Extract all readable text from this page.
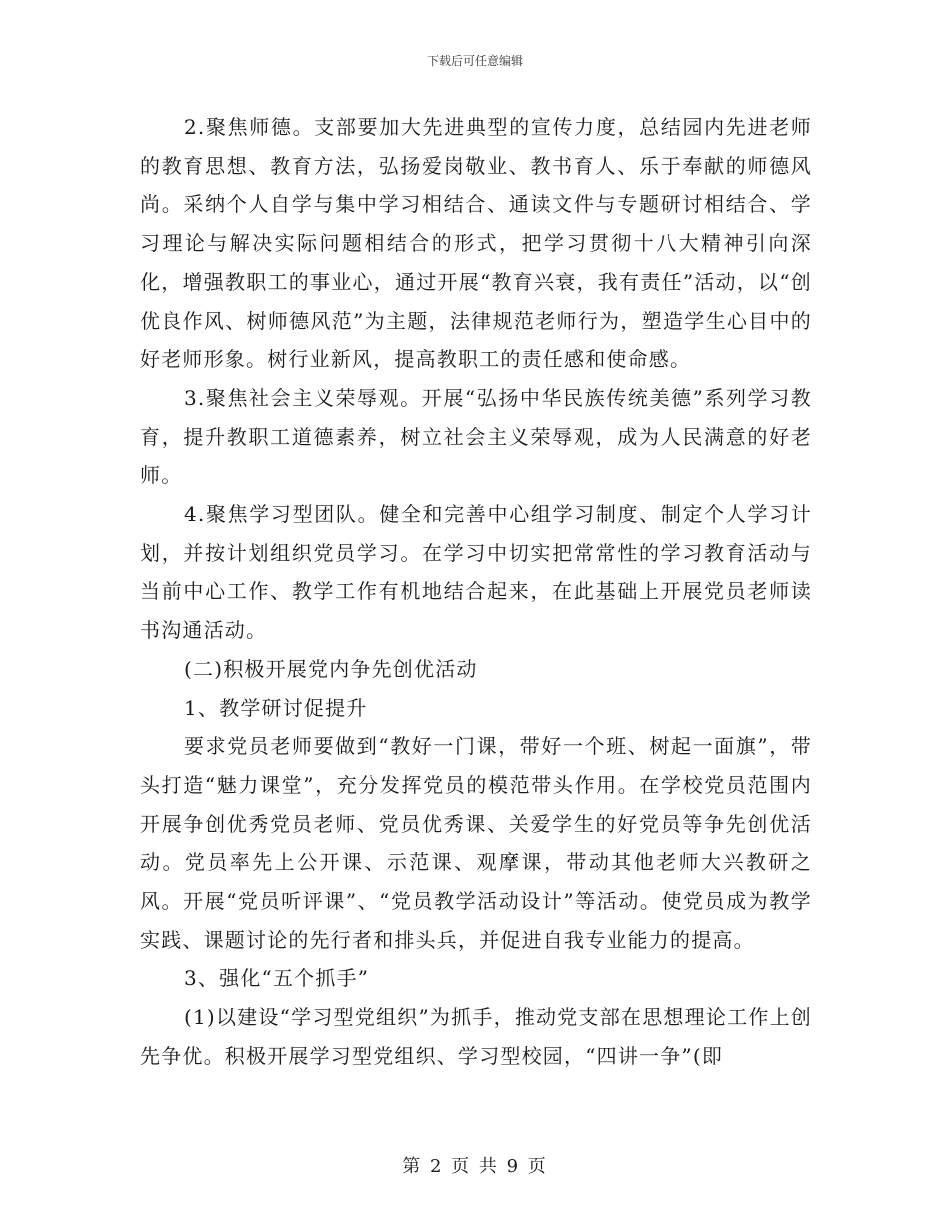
下载后可任意编辑

2.聚焦师德。支部要加大先进典型的宣传力度，总结园内先进老师的教育思想、教育方法，弘扬爱岗敬业、教书育人、乐于奉献的师德风尚。采纳个人自学与集中学习相结合、通读文件与专题研讨相结合、学习理论与解决实际问题相结合的形式，把学习贯彻十八大精神引向深化，增强教职工的事业心，通过开展“教育兴衰，我有责任”活动，以“创优良作风、树师德风范”为主题，法律规范老师行为，塑造学生心目中的好老师形象。树行业新风，提高教职工的责任感和使命感。

3.聚焦社会主义荣辱观。开展“弘扬中华民族传统美德”系列学习教育，提升教职工道德素养，树立社会主义荣辱观，成为人民满意的好老师。

4.聚焦学习型团队。健全和完善中心组学习制度、制定个人学习计划，并按计划组织党员学习。在学习中切实把常常性的学习教育活动与当前中心工作、教学工作有机地结合起来，在此基础上开展党员老师读书沟通活动。

(二)积极开展党内争先创优活动

1、教学研讨促提升

要求党员老师要做到“教好一门课，带好一个班、树起一面旗”，带头打造“魅力课堂”，充分发挥党员的模范带头作用。在学校党员范围内开展争创优秀党员老师、党员优秀课、关爱学生的好党员等争先创优活动。党员率先上公开课、示范课、观摩课，带动其他老师大兴教研之风。开展“党员听评课”、“党员教学活动设计”等活动。使党员成为教学实践、课题讨论的先行者和排头兵，并促进自我专业能力的提高。

3、强化“五个抓手”

(1)以建设“学习型党组织”为抓手，推动党支部在思想理论工作上创先争优。积极开展学习型党组织、学习型校园，“四讲一争”(即

第 2 页 共 9 页
